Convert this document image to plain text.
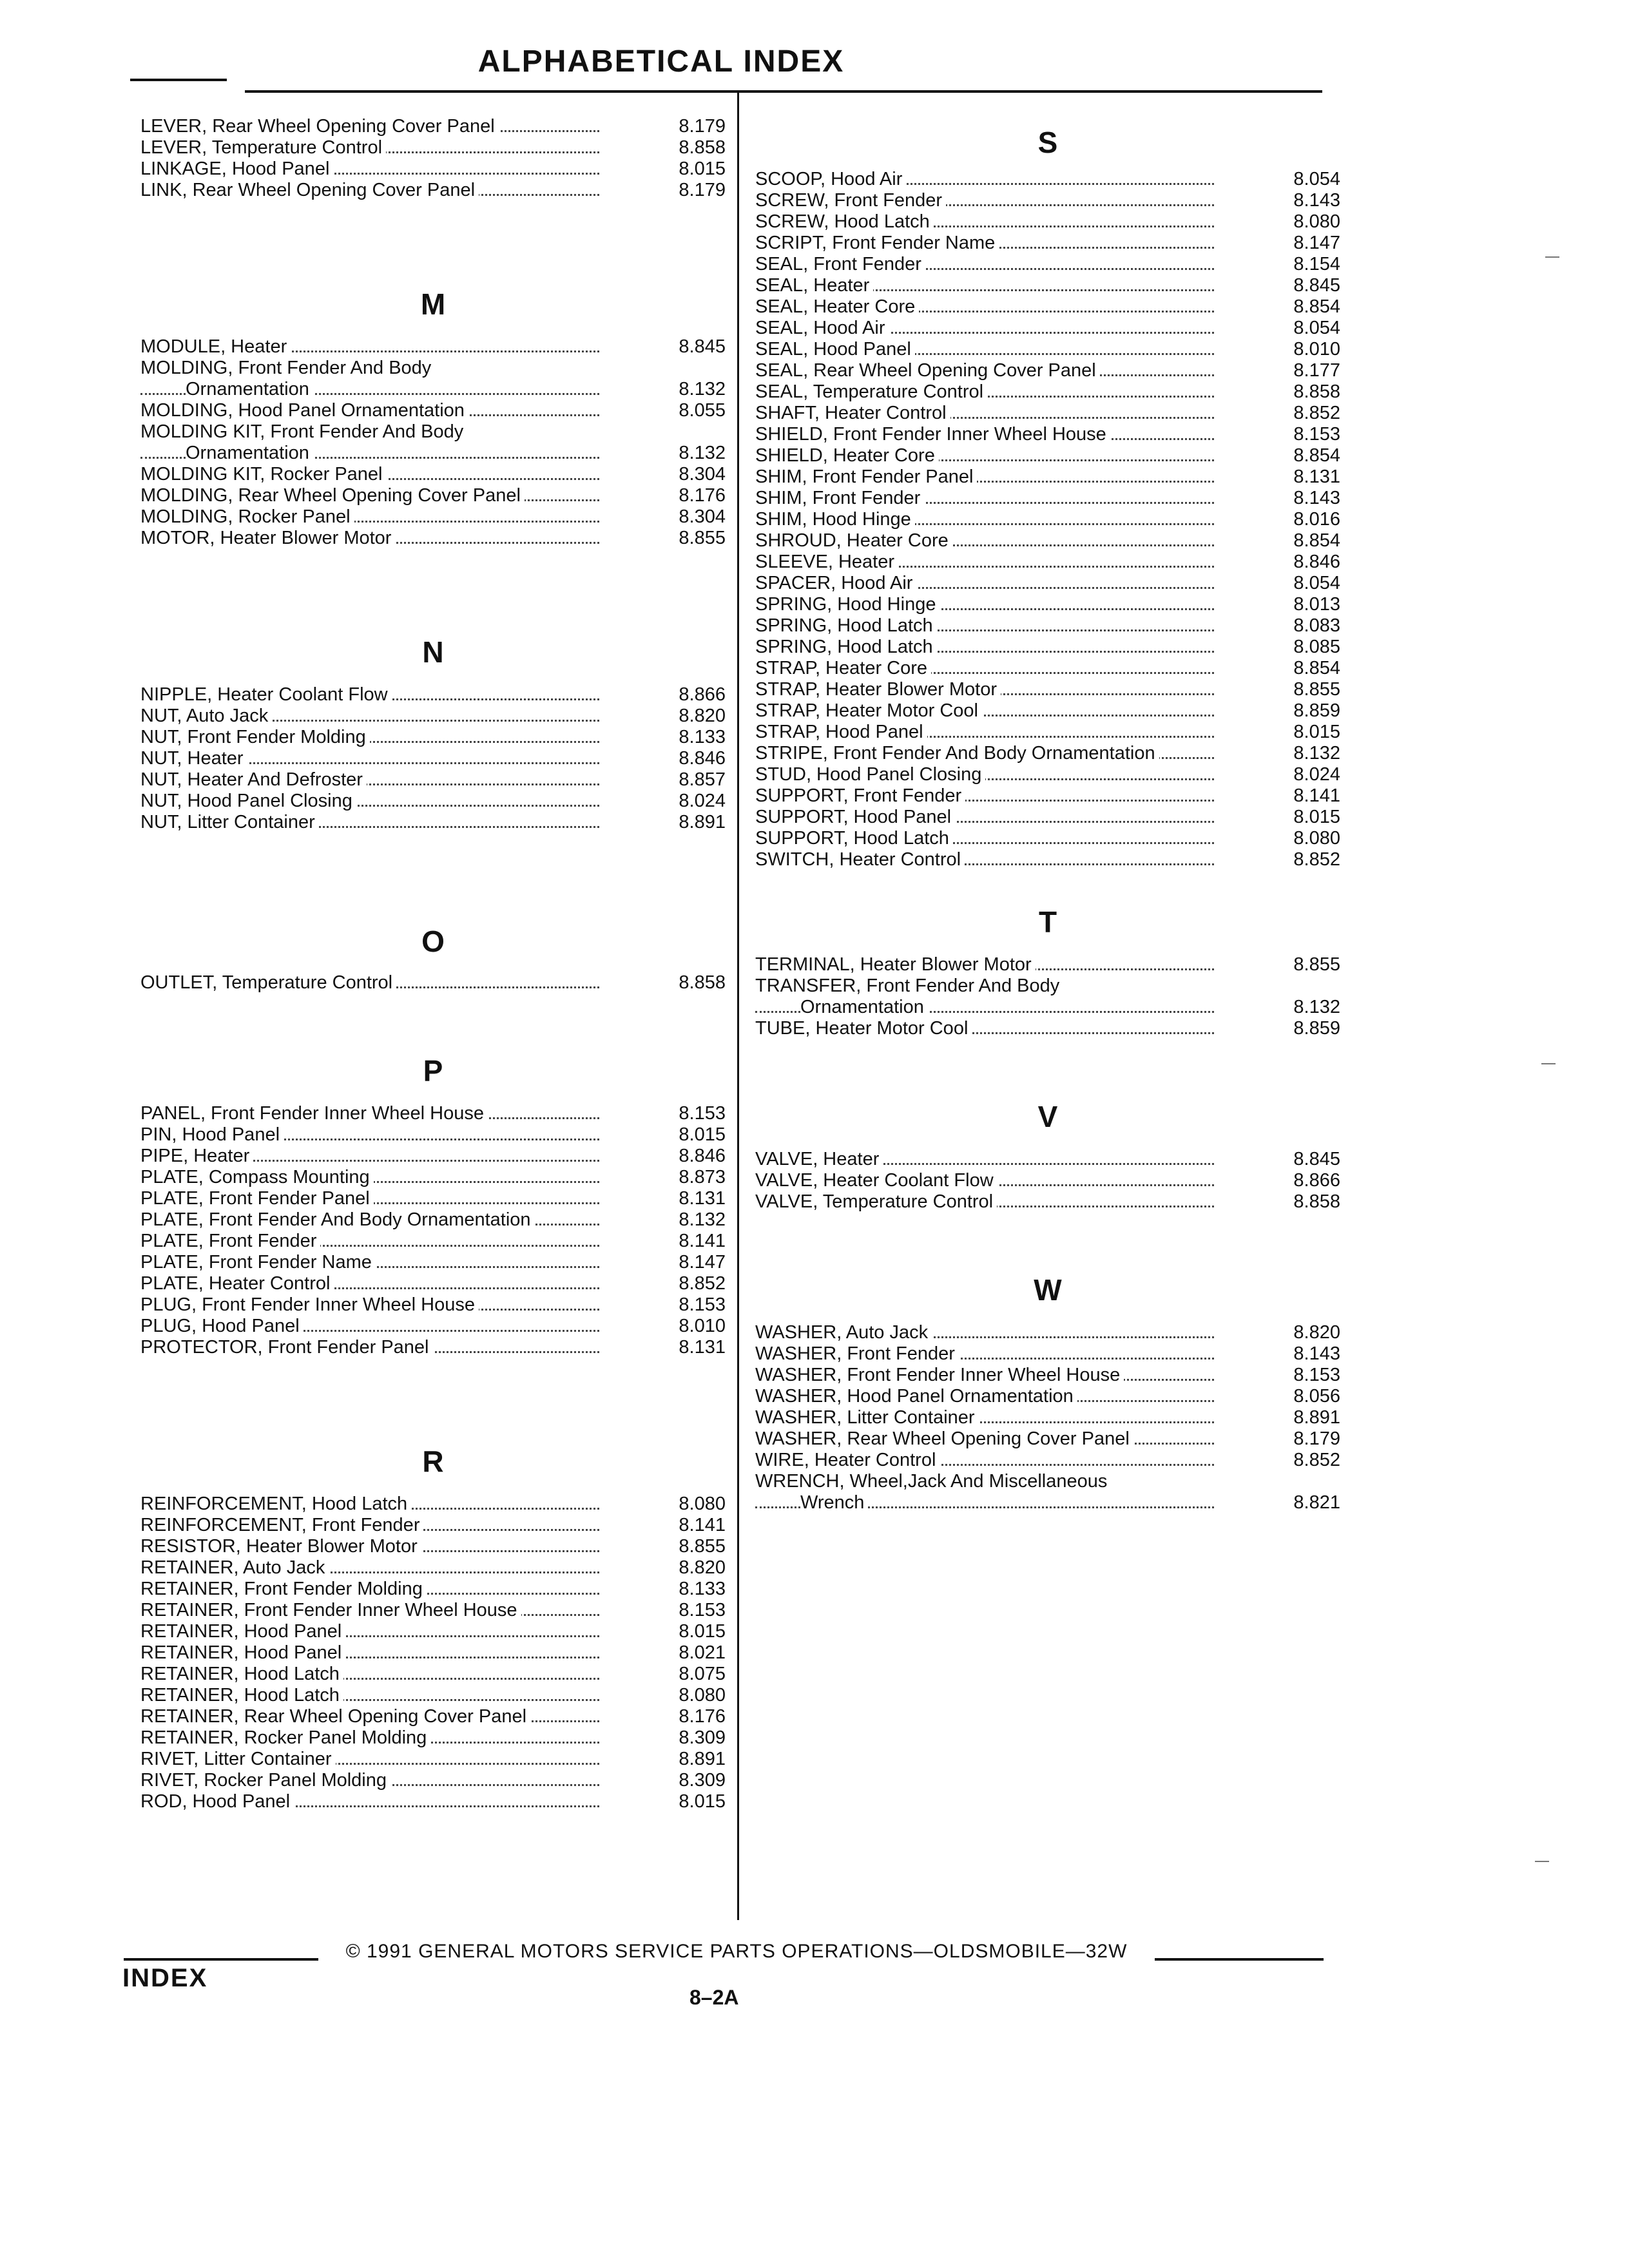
ALPHABETICAL INDEX
LEVER, Rear Wheel Opening Cover Panel	8.179
LEVER, Temperature Control	8.858
LINKAGE, Hood Panel	8.015
LINK, Rear Wheel Opening Cover Panel	8.179
M
MODULE, Heater	8.845
MOLDING, Front Fender And Body
Ornamentation	8.132
MOLDING, Hood Panel Ornamentation	8.055
MOLDING KIT, Front Fender And Body
Ornamentation	8.132
MOLDING KIT, Rocker Panel	8.304
MOLDING, Rear Wheel Opening Cover Panel	8.176
MOLDING, Rocker Panel	8.304
MOTOR, Heater Blower Motor	8.855
N
NIPPLE, Heater Coolant Flow	8.866
NUT, Auto Jack	8.820
NUT, Front Fender Molding	8.133
NUT, Heater	8.846
NUT, Heater And Defroster	8.857
NUT, Hood Panel Closing	8.024
NUT, Litter Container	8.891
O
OUTLET, Temperature Control	8.858
P
PANEL, Front Fender Inner Wheel House	8.153
PIN, Hood Panel	8.015
PIPE, Heater	8.846
PLATE, Compass Mounting	8.873
PLATE, Front Fender Panel	8.131
PLATE, Front Fender And Body Ornamentation	8.132
PLATE, Front Fender	8.141
PLATE, Front Fender Name	8.147
PLATE, Heater Control	8.852
PLUG, Front Fender Inner Wheel House	8.153
PLUG, Hood Panel	8.010
PROTECTOR, Front Fender Panel	8.131
R
REINFORCEMENT, Hood Latch	8.080
REINFORCEMENT, Front Fender	8.141
RESISTOR, Heater Blower Motor	8.855
RETAINER, Auto Jack	8.820
RETAINER, Front Fender Molding	8.133
RETAINER, Front Fender Inner Wheel House	8.153
RETAINER, Hood Panel	8.015
RETAINER, Hood Panel	8.021
RETAINER, Hood Latch	8.075
RETAINER, Hood Latch	8.080
RETAINER, Rear Wheel Opening Cover Panel	8.176
RETAINER, Rocker Panel Molding	8.309
RIVET, Litter Container	8.891
RIVET, Rocker Panel Molding	8.309
ROD, Hood Panel	8.015
S
SCOOP, Hood Air	8.054
SCREW, Front Fender	8.143
SCREW, Hood Latch	8.080
SCRIPT, Front Fender Name	8.147
SEAL, Front Fender	8.154
SEAL, Heater	8.845
SEAL, Heater Core	8.854
SEAL, Hood Air	8.054
SEAL, Hood Panel	8.010
SEAL, Rear Wheel Opening Cover Panel	8.177
SEAL, Temperature Control	8.858
SHAFT, Heater Control	8.852
SHIELD, Front Fender Inner Wheel House	8.153
SHIELD, Heater Core	8.854
SHIM, Front Fender Panel	8.131
SHIM, Front Fender	8.143
SHIM, Hood Hinge	8.016
SHROUD, Heater Core	8.854
SLEEVE, Heater	8.846
SPACER, Hood Air	8.054
SPRING, Hood Hinge	8.013
SPRING, Hood Latch	8.083
SPRING, Hood Latch	8.085
STRAP, Heater Core	8.854
STRAP, Heater Blower Motor	8.855
STRAP, Heater Motor Cool	8.859
STRAP, Hood Panel	8.015
STRIPE, Front Fender And Body Ornamentation	8.132
STUD, Hood Panel Closing	8.024
SUPPORT, Front Fender	8.141
SUPPORT, Hood Panel	8.015
SUPPORT, Hood Latch	8.080
SWITCH, Heater Control	8.852
T
TERMINAL, Heater Blower Motor	8.855
TRANSFER, Front Fender And Body
Ornamentation	8.132
TUBE, Heater Motor Cool	8.859
V
VALVE, Heater	8.845
VALVE, Heater Coolant Flow	8.866
VALVE, Temperature Control	8.858
W
WASHER, Auto Jack	8.820
WASHER, Front Fender	8.143
WASHER, Front Fender Inner Wheel House	8.153
WASHER, Hood Panel Ornamentation	8.056
WASHER, Litter Container	8.891
WASHER, Rear Wheel Opening Cover Panel	8.179
WIRE, Heater Control	8.852
WRENCH, Wheel,Jack And Miscellaneous
Wrench	8.821
© 1991 GENERAL MOTORS SERVICE PARTS OPERATIONS—OLDSMOBILE—32W
INDEX
8–2A
